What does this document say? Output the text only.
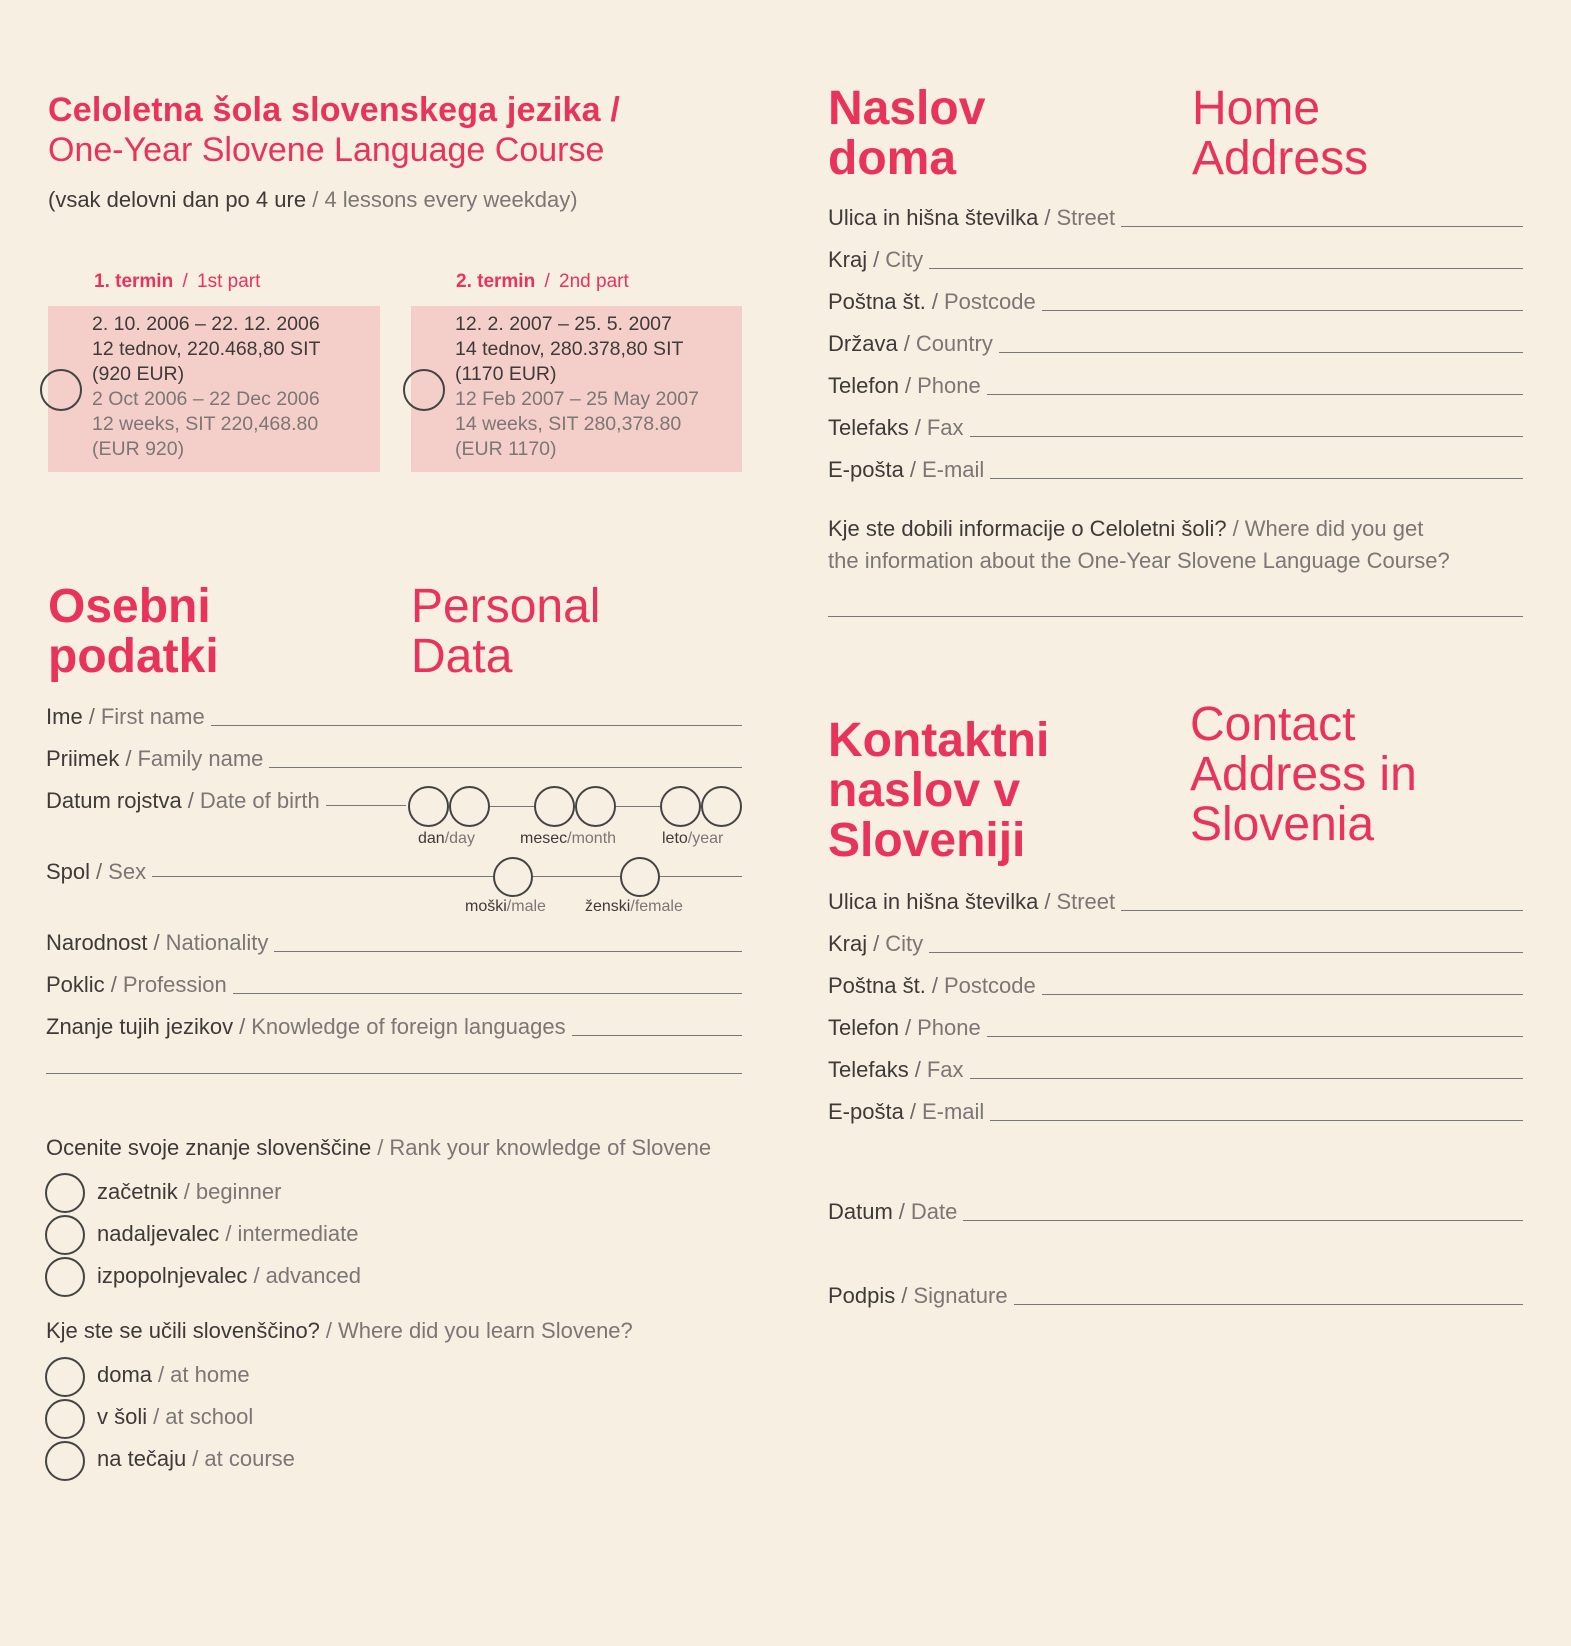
Celoletna šola slovenskega jezika /
One-Year Slovene Language Course
(vsak delovni dan po 4 ure / 4 lessons every weekday)
1. termin / 1st part	2. termin / 2nd part
2. 10. 2006 – 22. 12. 2006
12 tednov, 220.468,80 SIT
(920 EUR)
2 Oct 2006 – 22 Dec 2006
12 weeks, SIT 220,468.80
(EUR 920)
12. 2. 2007 – 25. 5. 2007
14 tednov, 280.378,80 SIT
(1170 EUR)
12 Feb 2007 – 25 May 2007
14 weeks, SIT 280,378.80
(EUR 1170)
Osebni
podatki
Personal
Data
Ime / First name
Priimek / Family name
Datum rojstva / Date of birth
dan/day	mesec/month	leto/year
Spol / Sex
moški/male ženski/female
Narodnost / Nationality
Poklic / Profession
Znanje tujih jezikov / Knowledge of foreign languages
Ocenite svoje znanje slovenščine / Rank your knowledge of Slovene
začetnik / beginner
nadaljevalec / intermediate
izpopolnjevalec / advanced
Kje ste se učili slovenščino? / Where did you learn Slovene?
doma / at home
v šoli / at school
na tečaju / at course
Naslov
doma
Home
Address
Ulica in hišna številka / Street
Kraj / City
Poštna št. / Postcode
Država / Country
Telefon / Phone
Telefaks / Fax
E-pošta / E-mail
Kje ste dobili informacije o Celoletni šoli? / Where did you get
the information about the One-Year Slovene Language Course?
Kontaktni
naslov v
Sloveniji
Contact
Address in
Slovenia
Ulica in hišna številka / Street
Kraj / City
Poštna št. / Postcode
Telefon / Phone
Telefaks / Fax
E-pošta / E-mail
Datum / Date
Podpis / Signature
